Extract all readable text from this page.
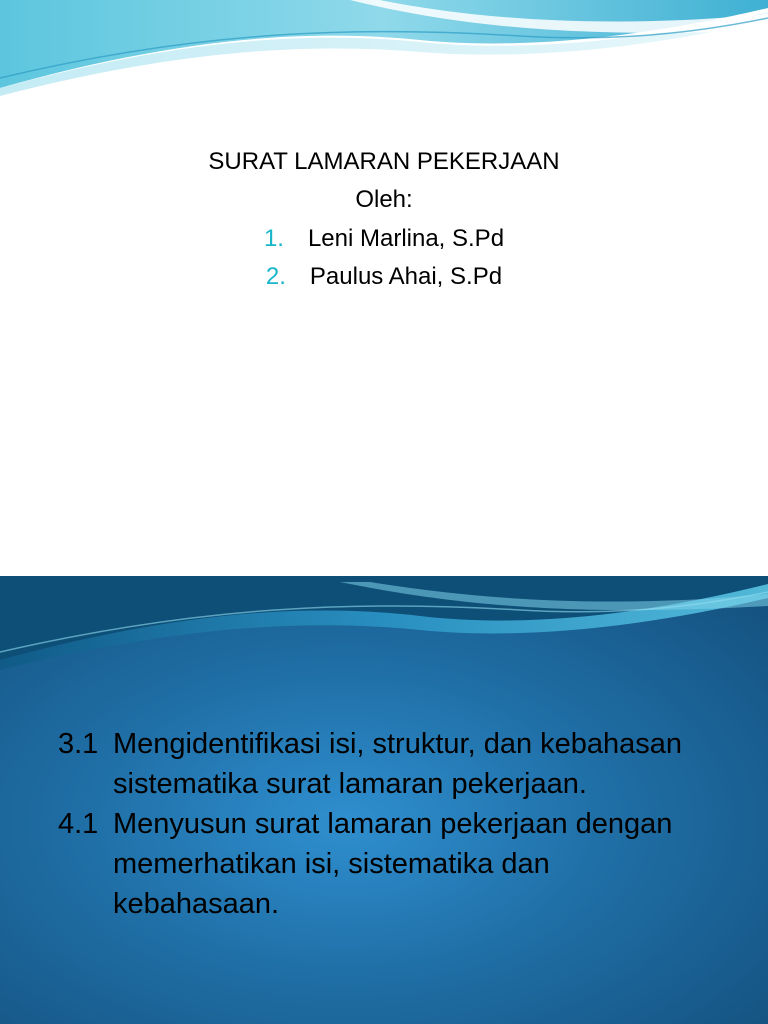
SURAT LAMARAN PEKERJAAN
Oleh:
1. Leni Marlina, S.Pd
2. Paulus Ahai, S.Pd
3.1 Mengidentifikasi isi, struktur, dan kebahasan sistematika surat lamaran pekerjaan.
4.1 Menyusun surat lamaran pekerjaan dengan memerhatikan isi, sistematika dan kebahasaan.
